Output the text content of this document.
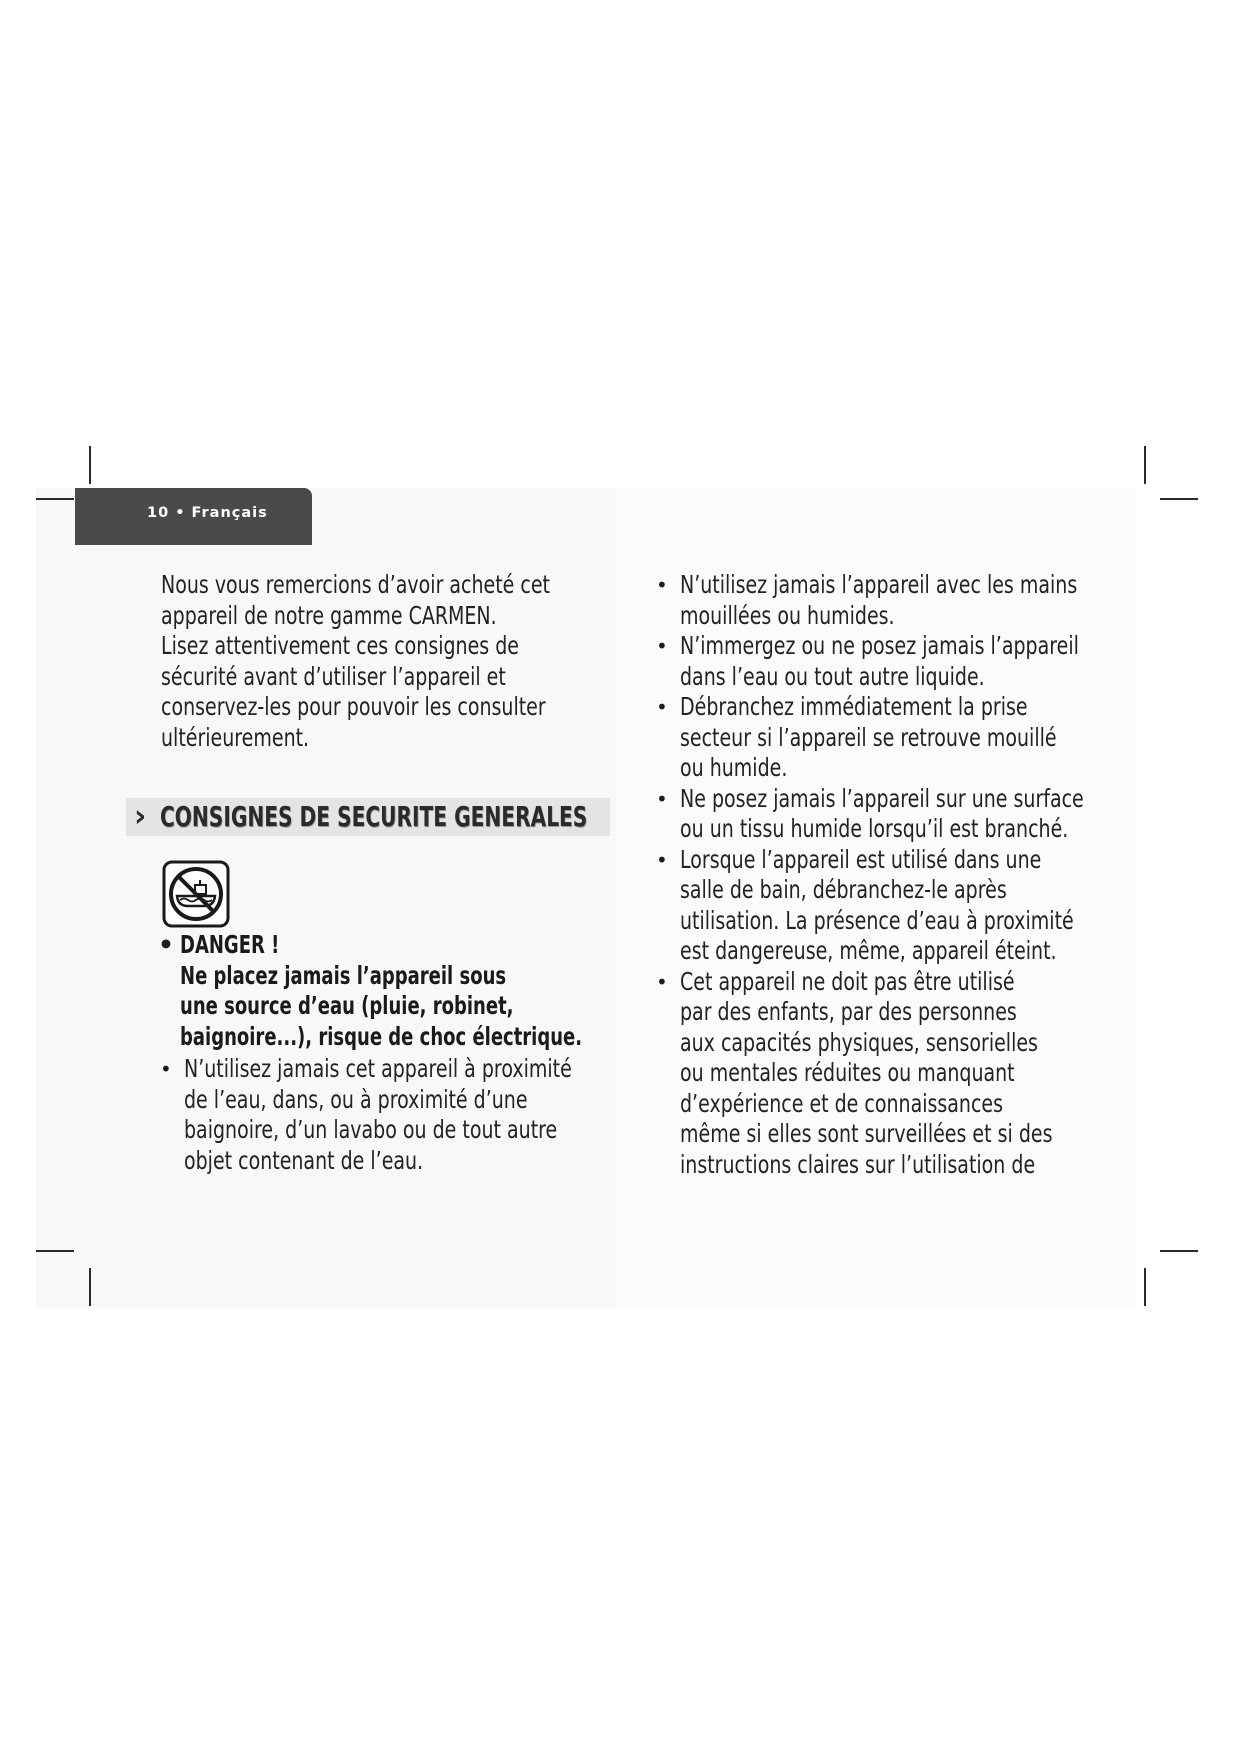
10 • Français

Nous vous remercions d’avoir acheté cet

appareil de notre gamme CARMEN.

Lisez attentivement ces consignes de

sécurité avant d’utiliser l’appareil et

conservez-les pour pouvoir les consulter

ultérieurement.

› CONSIGNES DE SECURITE GENERALES
• DANGER !
Ne placez jamais l’appareil sous
une source d’eau (pluie, robinet,
baignoire...), risque de choc électrique.
• N’utilisez jamais cet appareil à proximité
de l’eau, dans, ou à proximité d’une
baignoire, d’un lavabo ou de tout autre
objet contenant de l’eau.
• N’utilisez jamais l’appareil avec les mains
mouillées ou humides.
• N’immergez ou ne posez jamais l’appareil
dans l’eau ou tout autre liquide.
• Débranchez immédiatement la prise
secteur si l’appareil se retrouve mouillé
ou humide.
• Ne posez jamais l’appareil sur une surface
ou un tissu humide lorsqu’il est branché.
• Lorsque l’appareil est utilisé dans une
salle de bain, débranchez-le après
utilisation. La présence d’eau à proximité
est dangereuse, même, appareil éteint.
• Cet appareil ne doit pas être utilisé
par des enfants, par des personnes
aux capacités physiques, sensorielles
ou mentales réduites ou manquant
d’expérience et de connaissances
même si elles sont surveillées et si des
instructions claires sur l’utilisation de
